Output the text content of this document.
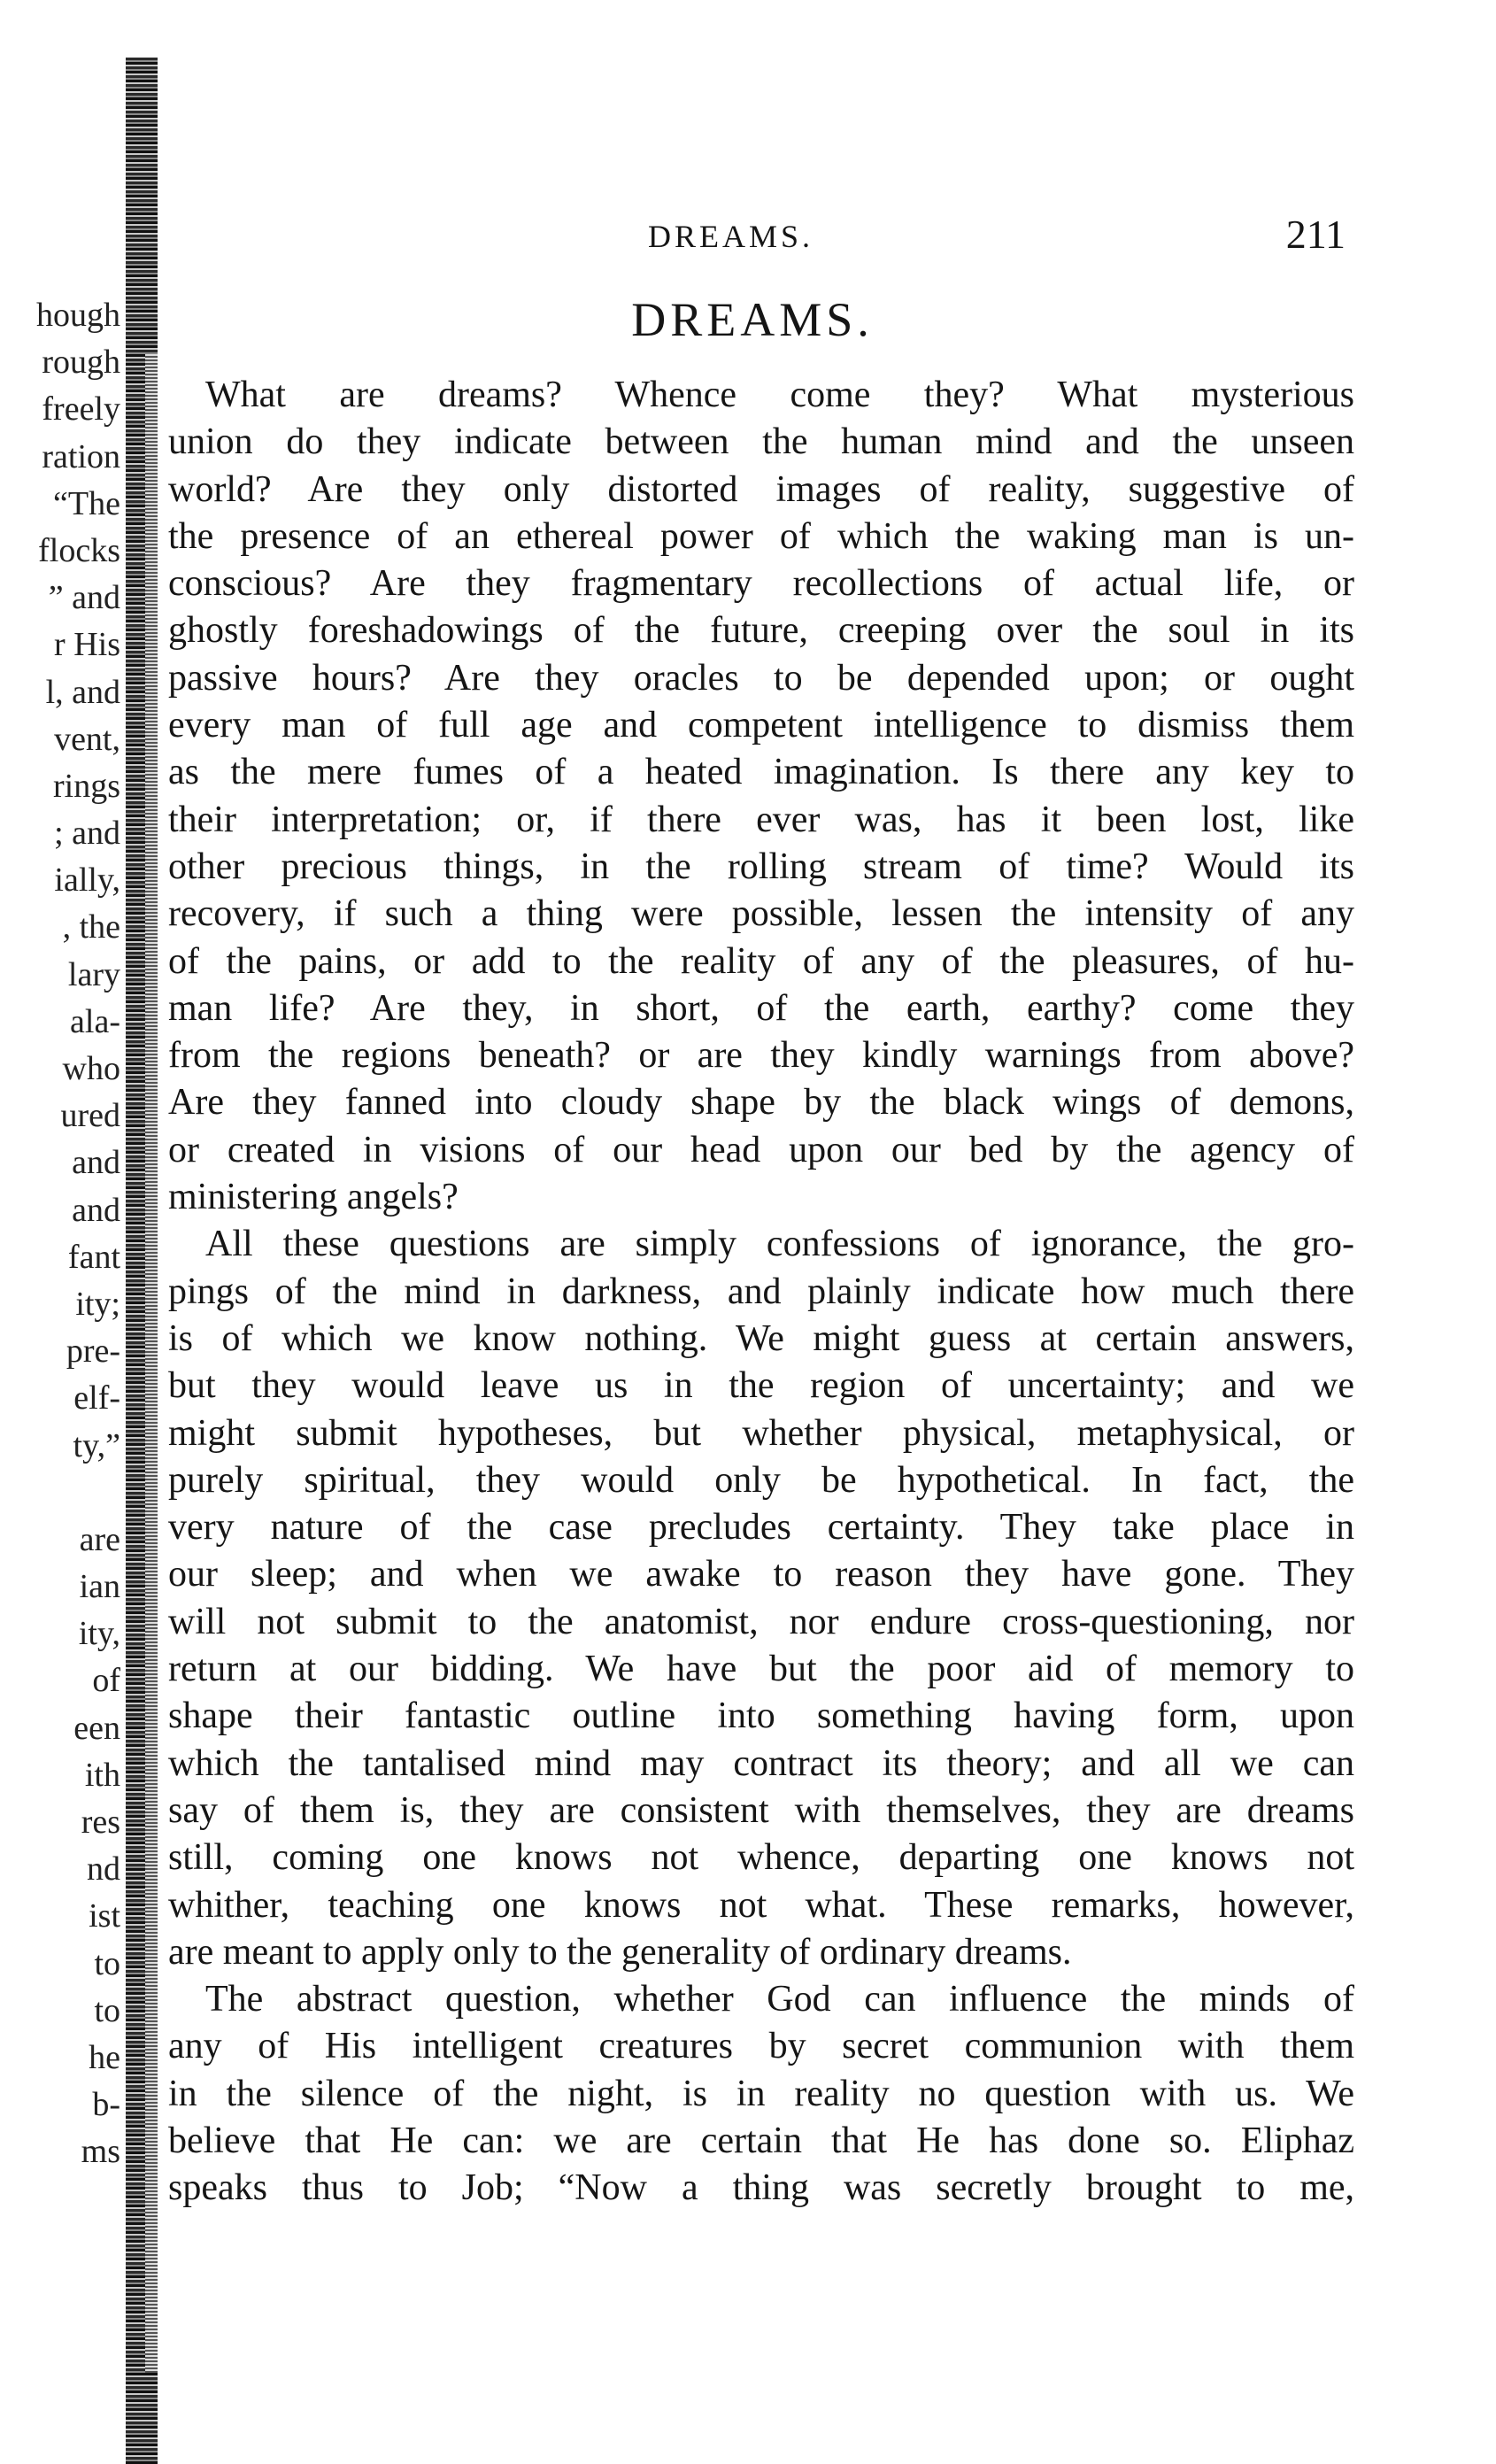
hough
rough
freely
ration
“The
flocks
” and
r His
l, and
vent,
rings
; and
ially,
, the
lary
ala-
who
ured
and
and
fant
ity;
pre-
elf-
ty,”
are
ian
ity,
of
een
ith
res
nd
ist
to
to
he
b-
ms
DREAMS.	211
DREAMS.
What are dreams? Whence come they? What mysterious
union do they indicate between the human mind and the unseen
world? Are they only distorted images of reality, suggestive of
the presence of an ethereal power of which the waking man is un-
conscious? Are they fragmentary recollections of actual life, or
ghostly foreshadowings of the future, creeping over the soul in its
passive hours? Are they oracles to be depended upon; or ought
every man of full age and competent intelligence to dismiss them
as the mere fumes of a heated imagination. Is there any key to
their interpretation; or, if there ever was, has it been lost, like
other precious things, in the rolling stream of time? Would its
recovery, if such a thing were possible, lessen the intensity of any
of the pains, or add to the reality of any of the pleasures, of hu-
man life? Are they, in short, of the earth, earthy? come they
from the regions beneath? or are they kindly warnings from above?
Are they fanned into cloudy shape by the black wings of demons,
or created in visions of our head upon our bed by the agency of
ministering angels?
All these questions are simply confessions of ignorance, the gro-
pings of the mind in darkness, and plainly indicate how much there
is of which we know nothing. We might guess at certain answers,
but they would leave us in the region of uncertainty; and we
might submit hypotheses, but whether physical, metaphysical, or
purely spiritual, they would only be hypothetical. In fact, the
very nature of the case precludes certainty. They take place in
our sleep; and when we awake to reason they have gone. They
will not submit to the anatomist, nor endure cross-questioning, nor
return at our bidding. We have but the poor aid of memory to
shape their fantastic outline into something having form, upon
which the tantalised mind may contract its theory; and all we can
say of them is, they are consistent with themselves, they are dreams
still, coming one knows not whence, departing one knows not
whither, teaching one knows not what. These remarks, however,
are meant to apply only to the generality of ordinary dreams.
The abstract question, whether God can influence the minds of
any of His intelligent creatures by secret communion with them
in the silence of the night, is in reality no question with us. We
believe that He can: we are certain that He has done so. Eliphaz
speaks thus to Job; “Now a thing was secretly brought to me,
